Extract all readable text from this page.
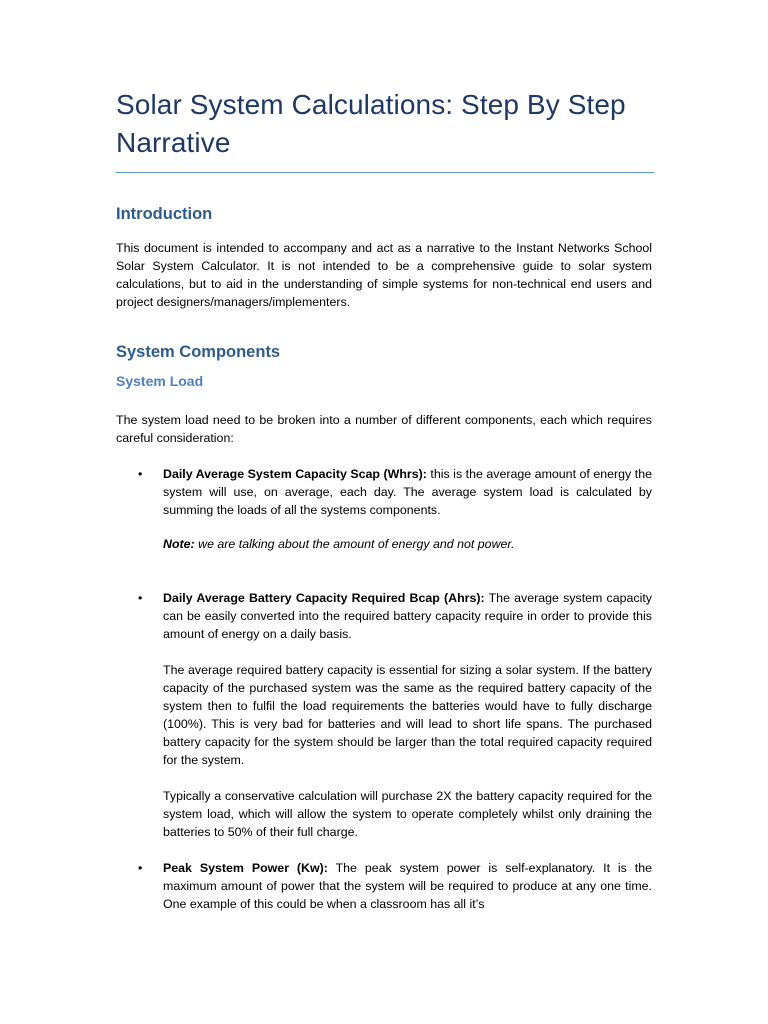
Solar System Calculations: Step By Step Narrative
Introduction

This document is intended to accompany and act as a narrative to the Instant Networks School Solar System Calculator. It is not intended to be a comprehensive guide to solar system calculations, but to aid in the understanding of simple systems for non-technical end users and project designers/managers/implementers.

System Components
System Load

The system load need to be broken into a number of different components, each which requires careful consideration:

• Daily Average System Capacity Scap (Whrs): this is the average amount of energy the system will use, on average, each day. The average system load is calculated by summing the loads of all the systems components.

Note: we are talking about the amount of energy and not power.

• Daily Average Battery Capacity Required Bcap (Ahrs): The average system capacity can be easily converted into the required battery capacity require in order to provide this amount of energy on a daily basis.

The average required battery capacity is essential for sizing a solar system. If the battery capacity of the purchased system was the same as the required battery capacity of the system then to fulfil the load requirements the batteries would have to fully discharge (100%). This is very bad for batteries and will lead to short life spans. The purchased battery capacity for the system should be larger than the total required capacity required for the system.

Typically a conservative calculation will purchase 2X the battery capacity required for the system load, which will allow the system to operate completely whilst only draining the batteries to 50% of their full charge.

• Peak System Power (Kw): The peak system power is self-explanatory. It is the maximum amount of power that the system will be required to produce at any one time. One example of this could be when a classroom has all it’s
